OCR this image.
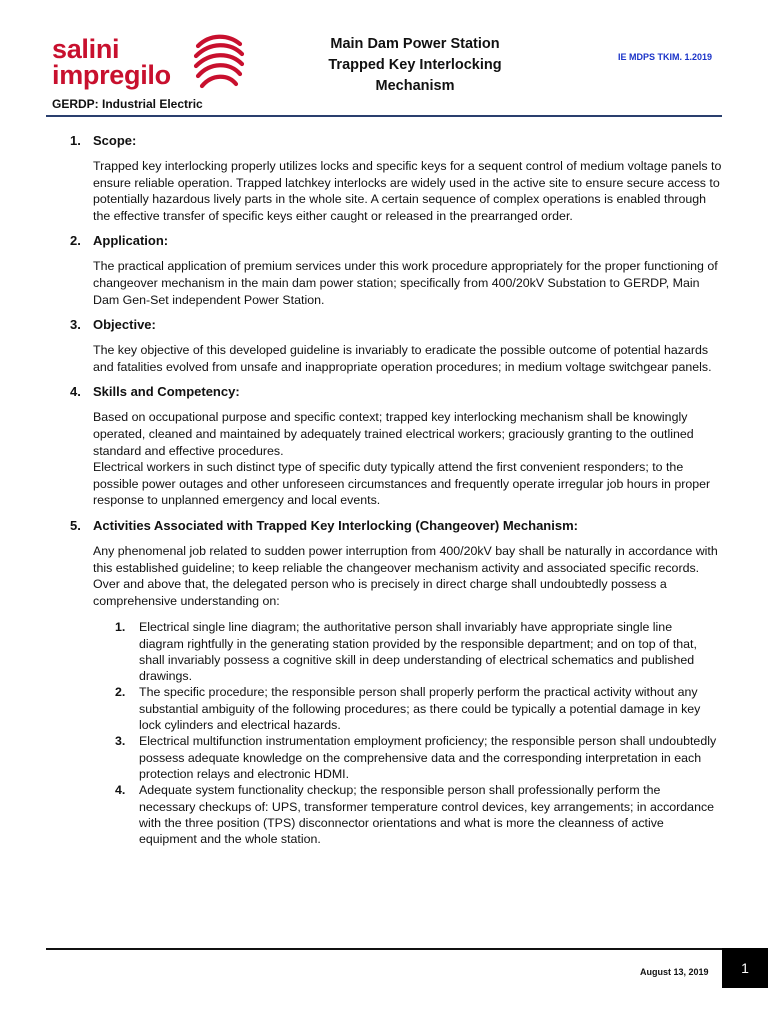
salini
impregilo
GERDP: Industrial Electric
Main Dam Power Station
Trapped Key Interlocking
Mechanism
IE MDPS TKIM. 1.2019
1. Scope:
Trapped key interlocking properly utilizes locks and specific keys for a sequent control of medium voltage panels to ensure reliable operation. Trapped latchkey interlocks are widely used in the active site to ensure secure access to potentially hazardous lively parts in the whole site. A certain sequence of complex operations is enabled through the effective transfer of specific keys either caught or released in the prearranged order.
2. Application:
The practical application of premium services under this work procedure appropriately for the proper functioning of changeover mechanism in the main dam power station; specifically from 400/20kV Substation to GERDP, Main Dam Gen-Set independent Power Station.
3. Objective:
The key objective of this developed guideline is invariably to eradicate the possible outcome of potential hazards and fatalities evolved from unsafe and inappropriate operation procedures; in medium voltage switchgear panels.
4. Skills and Competency:
Based on occupational purpose and specific context; trapped key interlocking mechanism shall be knowingly operated, cleaned and maintained by adequately trained electrical workers; graciously granting to the outlined standard and effective procedures.
Electrical workers in such distinct type of specific duty typically attend the first convenient responders; to the possible power outages and other unforeseen circumstances and frequently operate irregular job hours in proper response to unplanned emergency and local events.
5. Activities Associated with Trapped Key Interlocking (Changeover) Mechanism:
Any phenomenal job related to sudden power interruption from 400/20kV bay shall be naturally in accordance with this established guideline; to keep reliable the changeover mechanism activity and associated specific records. Over and above that, the delegated person who is precisely in direct charge shall undoubtedly possess a comprehensive understanding on:
1. Electrical single line diagram; the authoritative person shall invariably have appropriate single line diagram rightfully in the generating station provided by the responsible department; and on top of that, shall invariably possess a cognitive skill in deep understanding of electrical schematics and published drawings.
2. The specific procedure; the responsible person shall properly perform the practical activity without any substantial ambiguity of the following procedures; as there could be typically a potential damage in key lock cylinders and electrical hazards.
3. Electrical multifunction instrumentation employment proficiency; the responsible person shall undoubtedly possess adequate knowledge on the comprehensive data and the corresponding interpretation in each protection relays and electronic HDMI.
4. Adequate system functionality checkup; the responsible person shall professionally perform the necessary checkups of: UPS, transformer temperature control devices, key arrangements; in accordance with the three position (TPS) disconnector orientations and what is more the cleanness of active equipment and the whole station.
August 13, 2019	1
